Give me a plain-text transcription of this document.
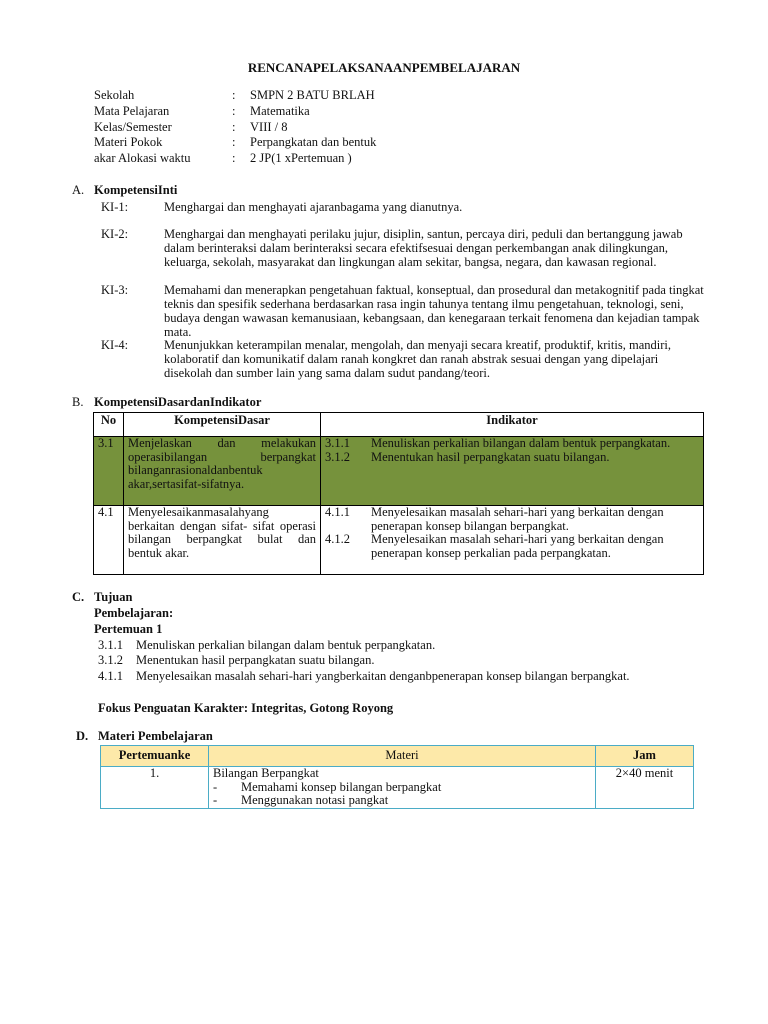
RENCANAPELAKSANAANPEMBELAJARAN
Sekolah	: SMPN 2 BATU BRLAH
Mata Pelajaran	: Matematika
Kelas/Semester	: VIII / 8
Materi Pokok	: Perpangkatan dan bentuk
akar Alokasi waktu	: 2 JP(1 xPertemuan )
A. KompetensiInti
KI-1:	Menghargai dan menghayati ajaranbagama yang dianutnya.
KI-2:	Menghargai dan menghayati perilaku jujur, disiplin, santun, percaya diri, peduli dan bertanggung jawab dalam berinteraksi dalam berinteraksi secara efektifsesuai dengan perkembangan anak dilingkungan, keluarga, sekolah, masyarakat dan lingkungan alam sekitar, bangsa, negara, dan kawasan regional.
KI-3:	Memahami dan menerapkan pengetahuan faktual, konseptual, dan prosedural dan metakognitif pada tingkat teknis dan spesifik sederhana berdasarkan rasa ingin tahunya tentang ilmu pengetahuan, teknologi, seni, budaya dengan wawasan kemanusiaan, kebangsaan, dan kenegaraan terkait fenomena dan kejadian tampak mata.
KI-4:	Menunjukkan keterampilan menalar, mengolah, dan menyaji secara kreatif, produktif, kritis, mandiri, kolaboratif dan komunikatif dalam ranah kongkret dan ranah abstrak sesuai dengan yang dipelajari disekolah dan sumber lain yang sama dalam sudut pandang/teori.
B. KompetensiDasardanIndikator
No	KompetensiDasar	Indikator
3.1	Menjelaskan dan melakukan operasibilangan berpangkat bilanganrasionaldanbentuk akar,sertasifat-sifatnya.	3.1.1 Menuliskan perkalian bilangan dalam bentuk perpangkatan.
3.1.2 Menentukan hasil perpangkatan suatu bilangan.

4.1	Menyelesaikanmasalahyang berkaitan dengan sifat- sifat operasi bilangan berpangkat bulat dan bentuk akar.	4.1.1 Menyelesaikan masalah sehari-hari yang berkaitan dengan penerapan konsep bilangan berpangkat.
4.1.2 Menyelesaikan masalah sehari-hari yang berkaitan dengan penerapan konsep perkalian pada perpangkatan.
C. Tujuan
Pembelajaran:
Pertemuan 1
3.1.1 Menuliskan perkalian bilangan dalam bentuk perpangkatan.
3.1.2 Menentukan hasil perpangkatan suatu bilangan.
4.1.1 Menyelesaikan masalah sehari-hari yangberkaitan denganbpenerapan konsep bilangan berpangkat.
Fokus Penguatan Karakter: Integritas, Gotong Royong
D. Materi Pembelajaran
Pertemuanke	Materi	Jam
1.	Bilangan Berpangkat
- Memahami konsep bilangan berpangkat
- Menggunakan notasi pangkat	2×40 menit
